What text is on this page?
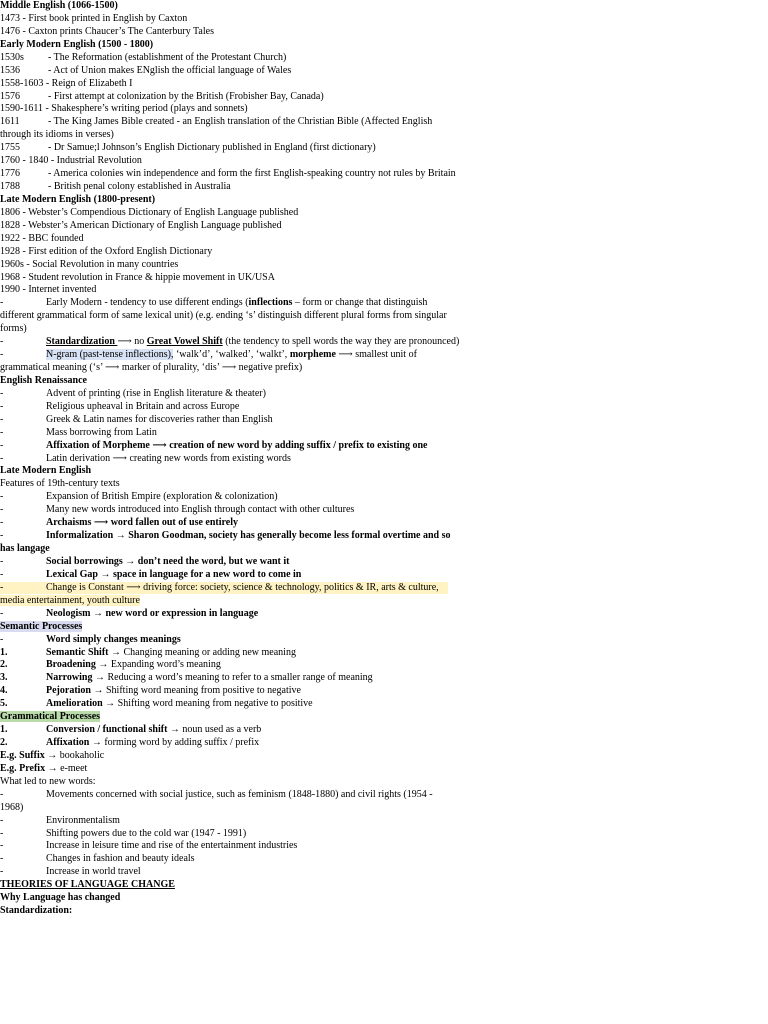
Middle English (1066-1500)
1473 - First book printed in English by Caxton
1476 - Caxton prints Chaucer’s The Canterbury Tales
Early Modern English (1500 - 1800)
1530s - The Reformation (establishment of the Protestant Church)
1536	- Act of Union makes ENglish the official language of Wales
1558-1603 - Reign of Elizabeth I
1576	- First attempt at colonization by the British (Frobisher Bay, Canada)
1590-1611 - Shakesphere’s writing period (plays and sonnets)
1611	- The King James Bible created - an English translation of the Christian Bible (Affected English
through its idioms in verses)
1755	- Dr Samue;l Johnson’s English Dictionary published in England (first dictionary)
1760 - 1840 - Industrial Revolution
1776	- America colonies win independence and form the first English-speaking country not rules by Britain
1788	- British penal colony established in Australia
Late Modern English (1800-present)
1806 - Webster’s Compendious Dictionary of English Language published
1828 - Webster’s American Dictionary of English Language published
1922 - BBC founded
1928 - First edition of the Oxford English Dictionary
1960s - Social Revolution in many countries
1968 - Student revolution in France & hippie movement in UK/USA
1990 - Internet invented
-	Early Modern - tendency to use different endings (inflections – form or change that distinguish
different grammatical form of same lexical unit) (e.g. ending ‘s’ distinguish different plural forms from singular
forms)
-	Standardization ⟶ no Great Vowel Shift (the tendency to spell words the way they are pronounced)
-	N-gram (past-tense inflections), ‘walk’d’, ‘walked’, ‘walkt’, morpheme ⟶ smallest unit of
grammatical meaning (‘s’ ⟶ marker of plurality, ‘dis’ ⟶ negative prefix)
English Renaissance
-	Advent of printing (rise in English literature & theater)
-	Religious upheaval in Britain and across Europe
-	Greek & Latin names for discoveries rather than English
-	Mass borrowing from Latin
-	Affixation of Morpheme ⟶ creation of new word by adding suffix / prefix to existing one
-	Latin derivation ⟶ creating new words from existing words
Late Modern English
Features of 19th-century texts
-	Expansion of British Empire (exploration & colonization)
-	Many new words introduced into English through contact with other cultures
-	Archaisms ⟶ word fallen out of use entirely
-	Informalization → Sharon Goodman, society has generally become less formal overtime and so
has langage
-	Social borrowings → don’t need the word, but we want it
-	Lexical Gap → space in language for a new word to come in
-	Change is Constant ⟶ driving force: society, science & technology, politics & IR, arts & culture,
media entertainment, youth culture
-	Neologism → new word or expression in language
Semantic Processes
-	Word simply changes meanings
1.	Semantic Shift → Changing meaning or adding new meaning
2.	Broadening → Expanding word’s meaning
3.	Narrowing → Reducing a word’s meaning to refer to a smaller range of meaning
4.	Pejoration → Shifting word meaning from positive to negative
5.	Amelioration → Shifting word meaning from negative to positive
Grammatical Processes
1.	Conversion / functional shift → noun used as a verb
2.	Affixation → forming word by adding suffix / prefix
E.g. Suffix → bookaholic
E.g. Prefix → e-meet
What led to new words:
-	Movements concerned with social justice, such as feminism (1848-1880) and civil rights (1954 -
1968)
-	Environmentalism
-	Shifting powers due to the cold war (1947 - 1991)
-	Increase in leisure time and rise of the entertainment industries
-	Changes in fashion and beauty ideals
-	Increase in world travel
THEORIES OF LANGUAGE CHANGE
Why Language has changed
Standardization:
